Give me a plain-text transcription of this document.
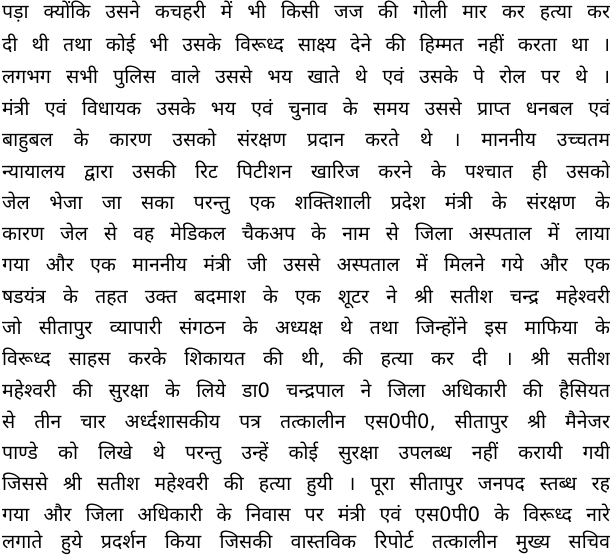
पड़ा क्योंकि उसने कचहरी में भी किसी जज की गोली मार कर हत्या कर
दी थी तथा कोई भी उसके विरूध्द साक्ष्य देने की हिम्मत नहीं करता था ।
लगभग सभी पुलिस वाले उससे भय खाते थे एवं उसके पे रोल पर थे ।
मंत्री एवं विधायक उसके भय एवं चुनाव के समय उससे प्राप्त धनबल एवं
बाहुबल के कारण उसको संरक्षण प्रदान करते थे । माननीय उच्चतम
न्यायालय द्वारा उसकी रिट पिटीशन खारिज करने के पश्चात ही उसको
जेल भेजा जा सका परन्तु एक शक्तिशाली प्रदेश मंत्री के संरक्षण के
कारण जेल से वह मेडिकल चैकअप के नाम से जिला अस्पताल में लाया
गया और एक माननीय मंत्री जी उससे अस्पताल में मिलने गये और एक
षडयंत्र के तहत उक्त बदमाश के एक शूटर ने श्री सतीश चन्द्र महेश्वरी
जो सीतापुर व्यापारी संगठन के अध्यक्ष थे तथा जिन्होंने इस माफिया के
विरूध्द साहस करके शिकायत की थी, की हत्या कर दी । श्री सतीश
महेश्वरी की सुरक्षा के लिये डा0 चन्द्रपाल ने जिला अधिकारी की हैसियत
से तीन चार अर्ध्दशासकीय पत्र तत्कालीन एस0पी0, सीतापुर श्री मैनेजर
पाण्डे को लिखे थे परन्तु उन्हें कोई सुरक्षा उपलब्ध नहीं करायी गयी
जिससे श्री सतीश महेश्वरी की हत्या हुयी । पूरा सीतापुर जनपद स्तब्ध रह
गया और जिला अधिकारी के निवास पर मंत्री एवं एस0पी0 के विरूध्द नारे
लगाते हुये प्रदर्शन किया जिसकी वास्तविक रिपोर्ट तत्कालीन मुख्य सचिव
